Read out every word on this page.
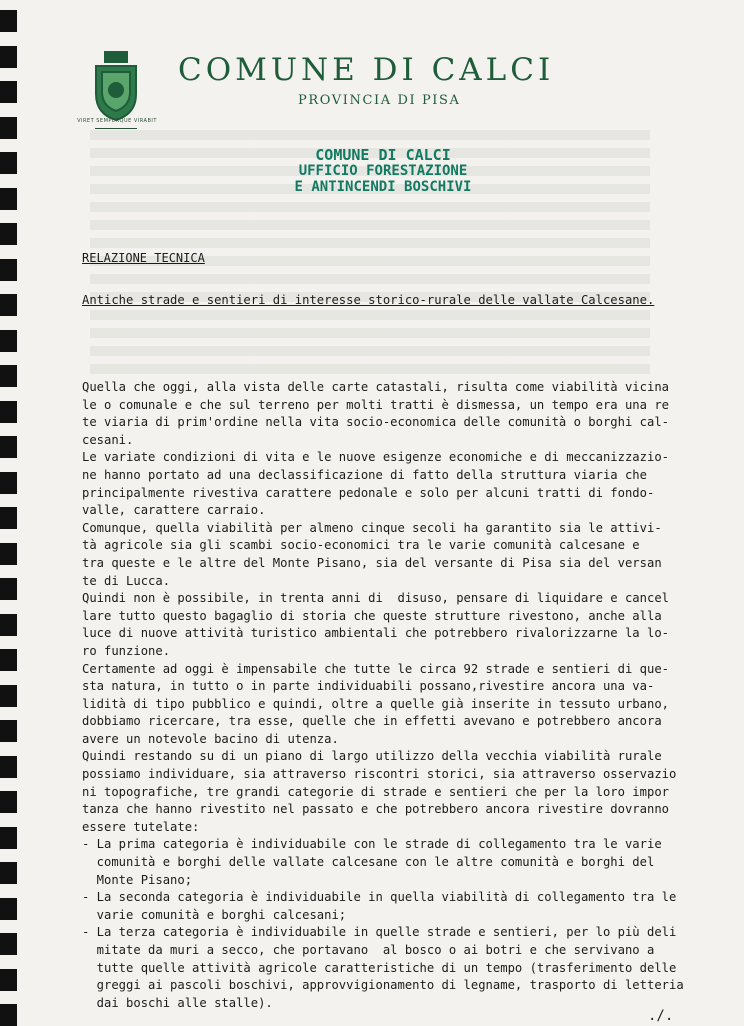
VIRET SEMPERQUE VIRABIT
COMUNE DI CALCI
PROVINCIA DI PISA
COMUNE DI CALCI
UFFICIO FORESTAZIONE
E ANTINCENDI BOSCHIVI
RELAZIONE TECNICA
Antiche strade e sentieri di interesse storico-rurale delle vallate Calcesane.
Quella che oggi, alla vista delle carte catastali, risulta come viabilità vicina
le o comunale e che sul terreno per molti tratti è dismessa, un tempo era una re
te viaria di prim'ordine nella vita socio-economica delle comunità o borghi cal-
cesani.
Le variate condizioni di vita e le nuove esigenze economiche e di meccanizzazio-
ne hanno portato ad una declassificazione di fatto della struttura viaria che
principalmente rivestiva carattere pedonale e solo per alcuni tratti di fondo-
valle, carattere carraio.
Comunque, quella viabilità per almeno cinque secoli ha garantito sia le attivi-
tà agricole sia gli scambi socio-economici tra le varie comunità calcesane e
tra queste e le altre del Monte Pisano, sia del versante di Pisa sia del versan
te di Lucca.
Quindi non è possibile, in trenta anni di  disuso, pensare di liquidare e cancel
lare tutto questo bagaglio di storia che queste strutture rivestono, anche alla
luce di nuove attività turistico ambientali che potrebbero rivalorizzarne la lo-
ro funzione.
Certamente ad oggi è impensabile che tutte le circa 92 strade e sentieri di que-
sta natura, in tutto o in parte individuabili possano,rivestire ancora una va-
lidità di tipo pubblico e quindi, oltre a quelle già inserite in tessuto urbano,
dobbiamo ricercare, tra esse, quelle che in effetti avevano e potrebbero ancora
avere un notevole bacino di utenza.
Quindi restando su di un piano di largo utilizzo della vecchia viabilità rurale
possiamo individuare, sia attraverso riscontri storici, sia attraverso osservazio
ni topografiche, tre grandi categorie di strade e sentieri che per la loro impor
tanza che hanno rivestito nel passato e che potrebbero ancora rivestire dovranno
essere tutelate:
- La prima categoria è individuabile con le strade di collegamento tra le varie
comunità e borghi delle vallate calcesane con le altre comunità e borghi del
Monte Pisano;
- La seconda categoria è individuabile in quella viabilità di collegamento tra le
varie comunità e borghi calcesani;
- La terza categoria è individuabile in quelle strade e sentieri, per lo più deli
mitate da muri a secco, che portavano  al bosco o ai botri e che servivano a
tutte quelle attività agricole caratteristiche di un tempo (trasferimento delle
greggi ai pascoli boschivi, approvvigionamento di legname, trasporto di letteria
dai boschi alle stalle).
./.
